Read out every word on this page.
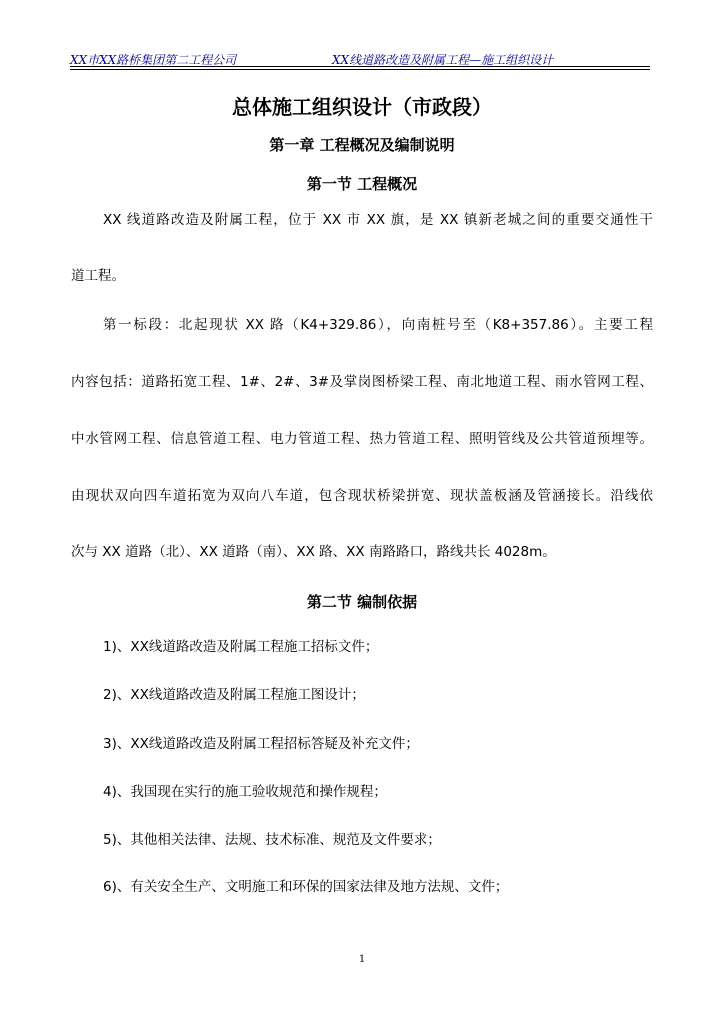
XX市XX路桥集团第二工程公司	XX线道路改造及附属工程—施工组织设计
总体施工组织设计（市政段）
第一章 工程概况及编制说明
第一节 工程概况
XX 线道路改造及附属工程，位于 XX 市 XX 旗，是 XX 镇新老城之间的重要交通性干
道工程。
第一标段：北起现状 XX 路（K4+329.86），向南桩号至（K8+357.86）。主要工程
内容包括：道路拓宽工程、1#、2#、3#及掌岗图桥梁工程、南北地道工程、雨水管网工程、
中水管网工程、信息管道工程、电力管道工程、热力管道工程、照明管线及公共管道预埋等。
由现状双向四车道拓宽为双向八车道，包含现状桥梁拼宽、现状盖板涵及管涵接长。沿线依
次与 XX 道路（北）、XX 道路（南）、XX 路、XX 南路路口，路线共长 4028m。
第二节 编制依据
1)、XX线道路改造及附属工程施工招标文件；
2)、XX线道路改造及附属工程施工图设计；
3)、XX线道路改造及附属工程招标答疑及补充文件；
4)、我国现在实行的施工验收规范和操作规程；
5)、其他相关法律、法规、技术标准、规范及文件要求；
6)、有关安全生产、文明施工和环保的国家法律及地方法规、文件；
1
